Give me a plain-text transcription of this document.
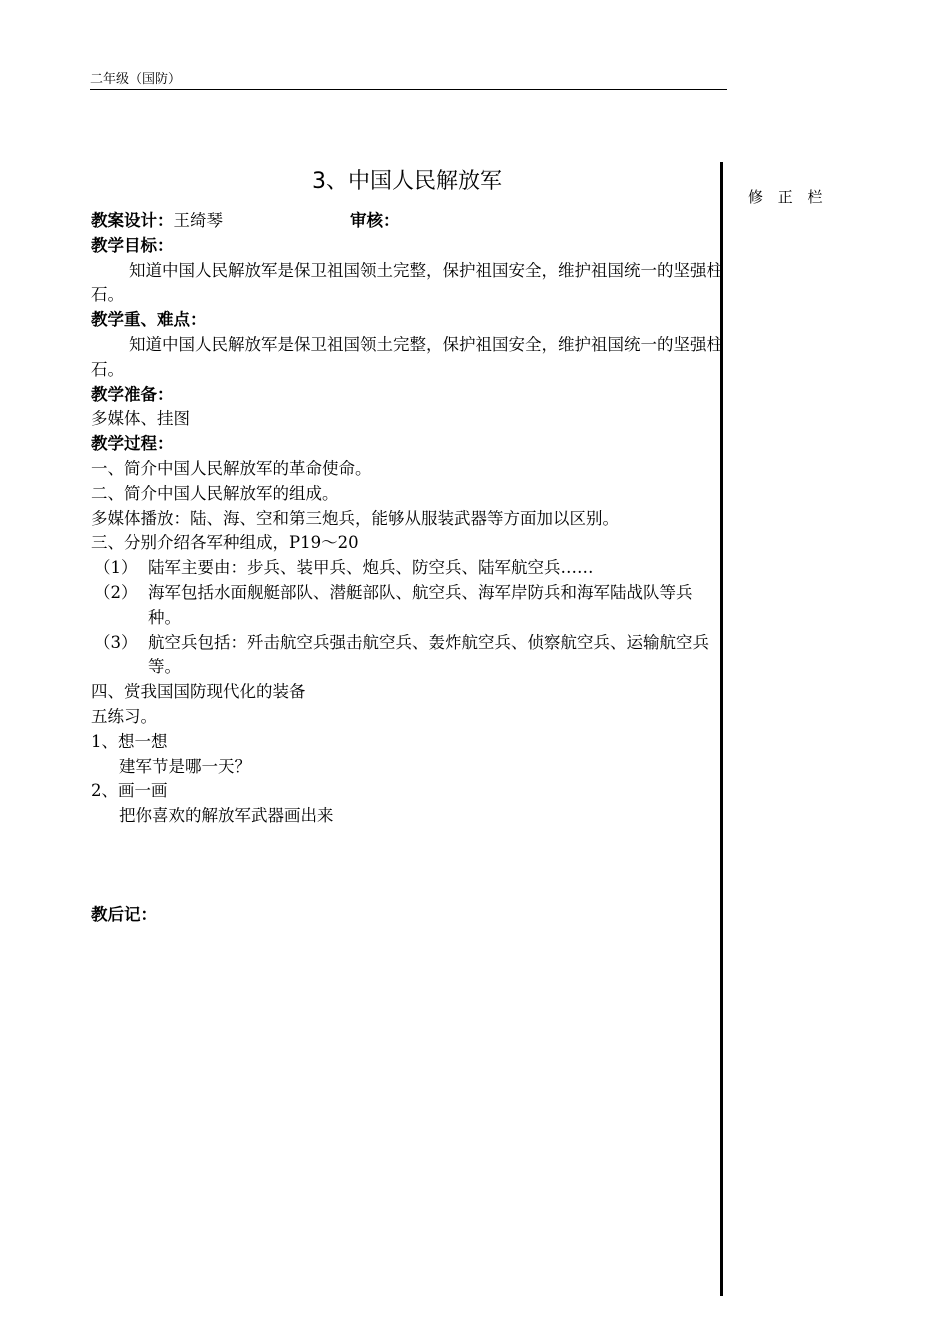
二年级（国防）
修 正 栏
3、中国人民解放军
教案设计：王绮琴	审核：
教学目标：
知道中国人民解放军是保卫祖国领土完整，保护祖国安全，维护祖国统一的坚强柱石。
教学重、难点：
知道中国人民解放军是保卫祖国领土完整，保护祖国安全，维护祖国统一的坚强柱石。
教学准备：
多媒体、挂图
教学过程：
一、简介中国人民解放军的革命使命。
二、简介中国人民解放军的组成。
多媒体播放：陆、海、空和第三炮兵，能够从服装武器等方面加以区别。
三、分别介绍各军种组成，P19～20
（1） 陆军主要由：步兵、装甲兵、炮兵、防空兵、陆军航空兵……
（2） 海军包括水面舰艇部队、潜艇部队、航空兵、海军岸防兵和海军陆战队等兵种。
（3） 航空兵包括：歼击航空兵强击航空兵、轰炸航空兵、侦察航空兵、运输航空兵等。
四、赏我国国防现代化的装备
五练习。
1、想一想
建军节是哪一天？
2、画一画
把你喜欢的解放军武器画出来
教后记：
